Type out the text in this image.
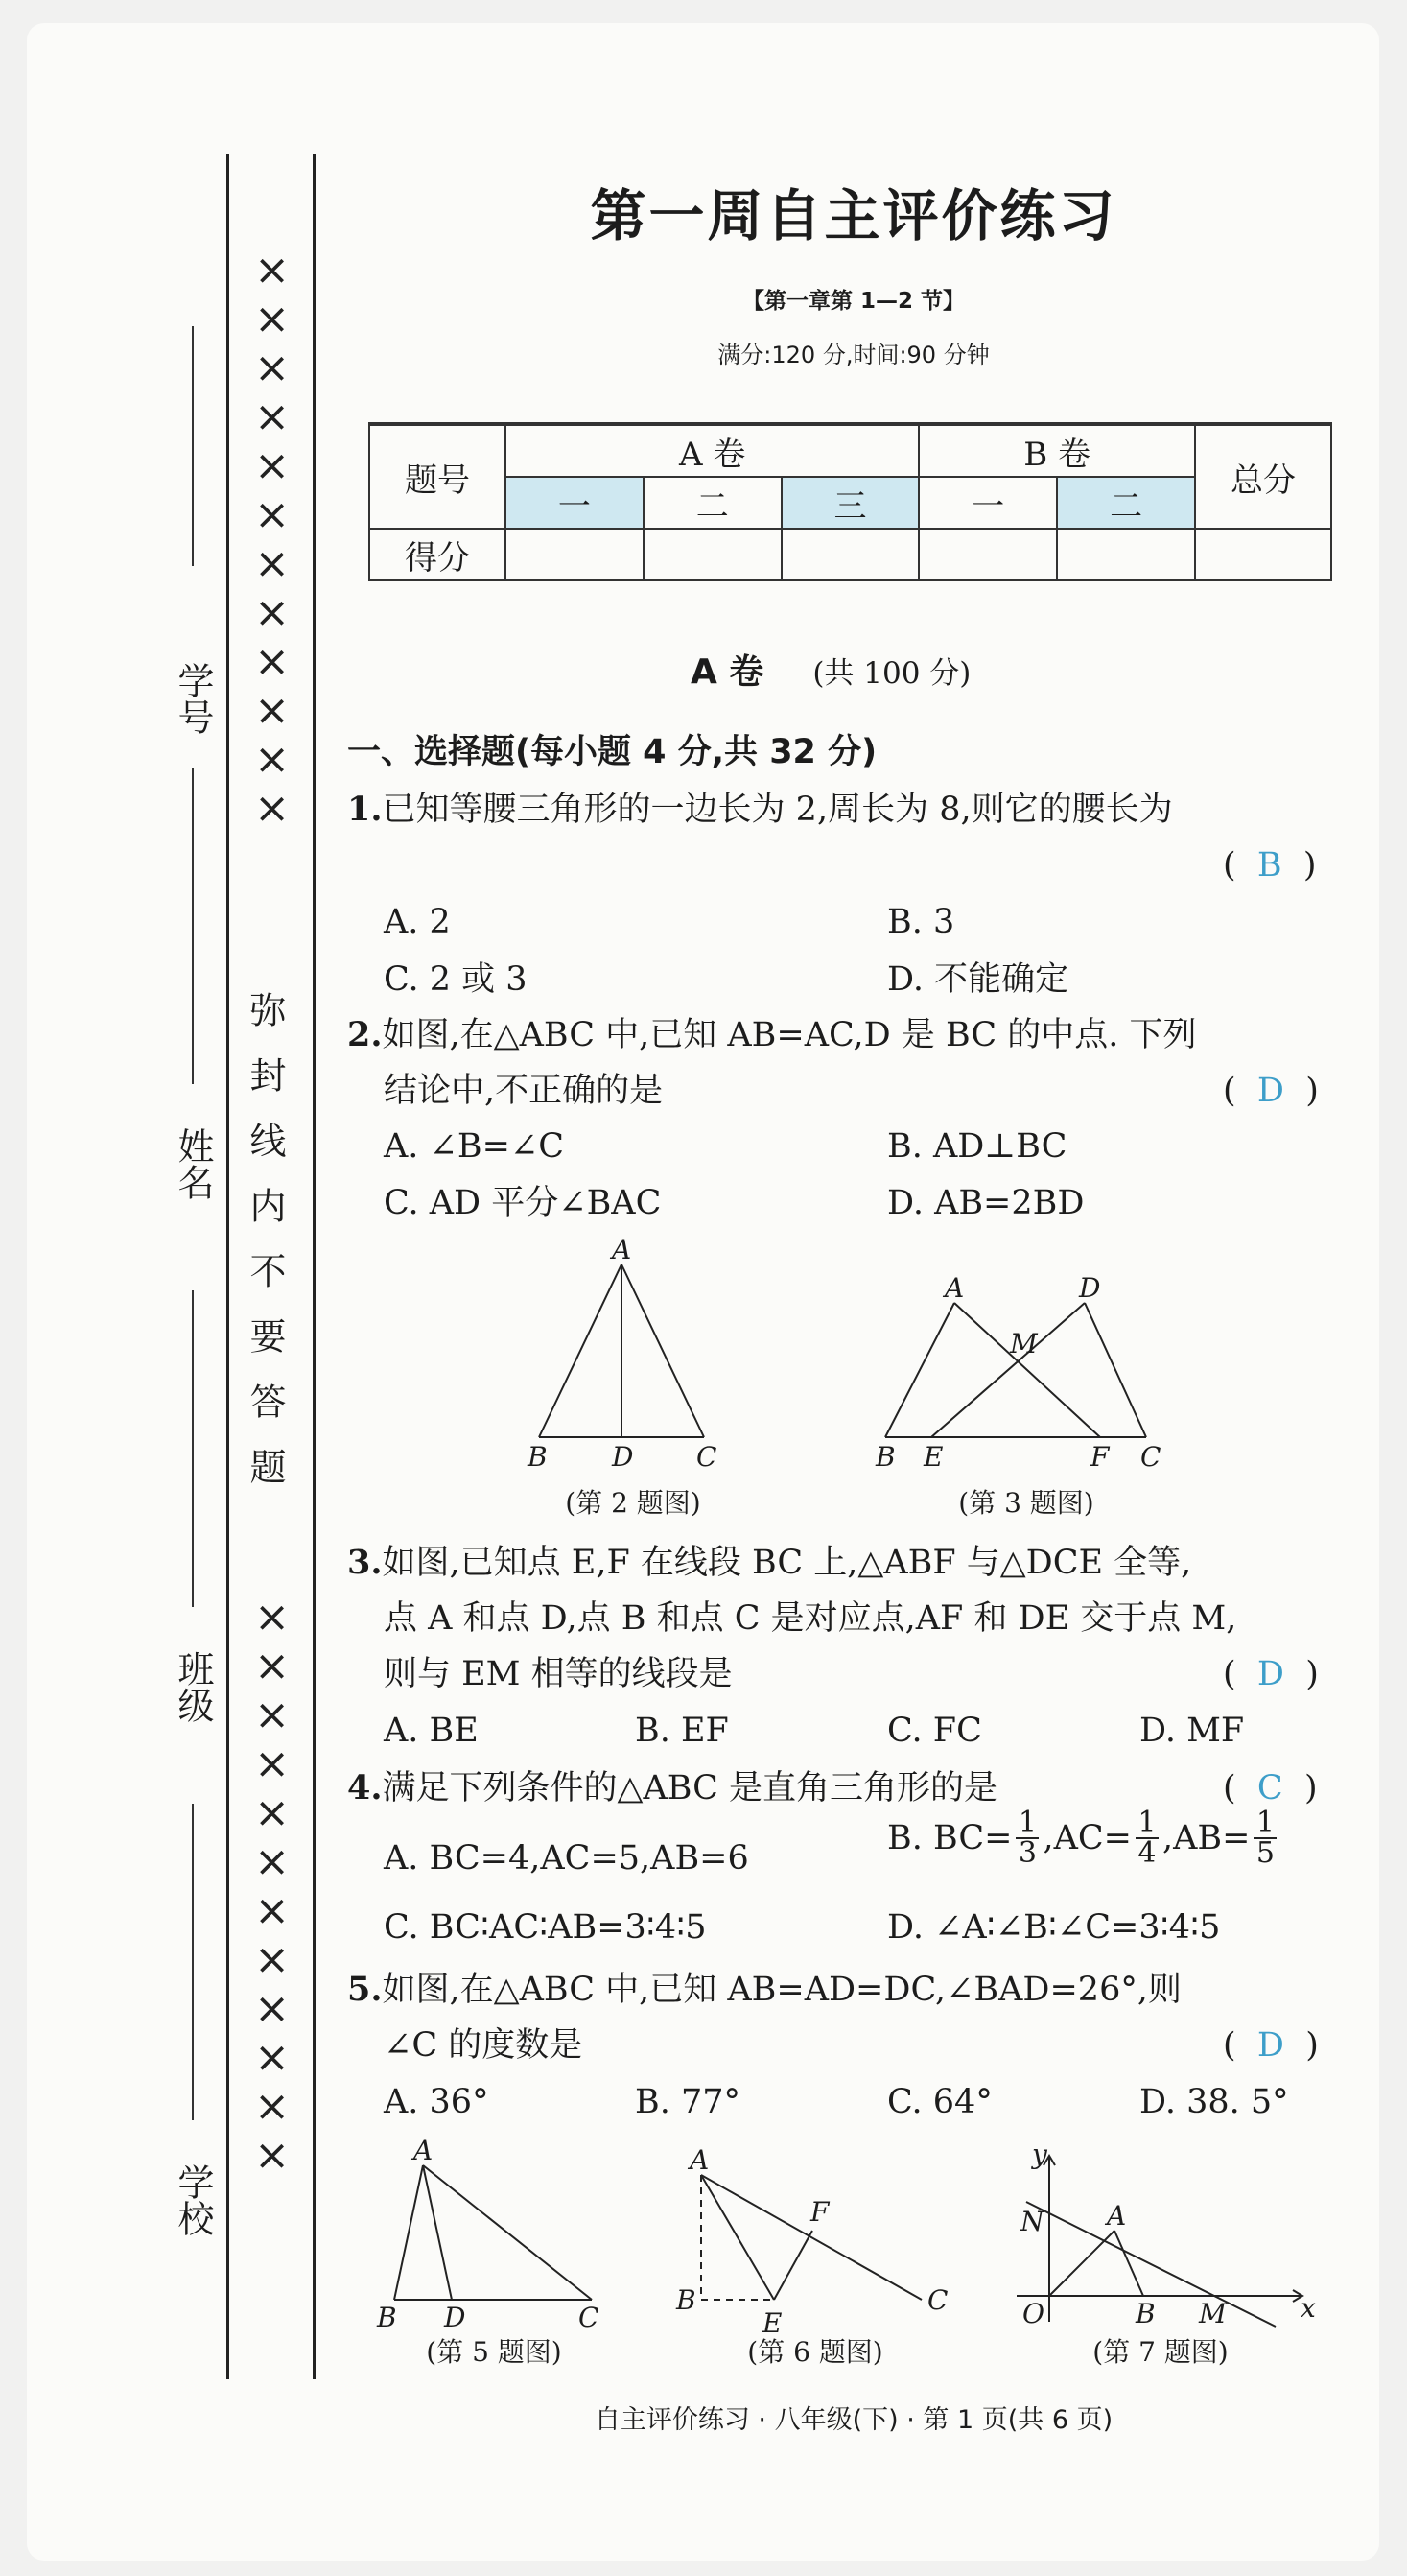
学号
姓名
班级
学校
××××××××××××
弥封线内不要答题
××××××××××××
第一周自主评价练习
【第一章第 1—2 节】
满分:120 分,时间:90 分钟
题号	A 卷			B 卷		总分
	一	二	三	一	二	
得分						
A 卷 (共 100 分)
一、选择题(每小题 4 分,共 32 分)
1.已知等腰三角形的一边长为 2,周长为 8,则它的腰长为
(  B  )
A. 2	B. 3
C. 2 或 3	D. 不能确定
2.如图,在△ABC 中,已知 AB=AC,D 是 BC 的中点. 下列
结论中,不正确的是	(  D  )
A. ∠B=∠C	B. AD⊥BC
C. AD 平分∠BAC	D. AB=2BD
A
B D C
(第 2 题图)
A	D
M
B E	F C
(第 3 题图)
3.如图,已知点 E,F 在线段 BC 上,△ABF 与△DCE 全等,
点 A 和点 D,点 B 和点 C 是对应点,AF 和 DE 交于点 M,
则与 EM 相等的线段是	(  D  )
A. BE	B. EF	C. FC	D. MF
4.满足下列条件的△ABC 是直角三角形的是	(  C  )
A. BC=4,AC=5,AB=6
B. BC= 1
3 ,AC= 1
4 ,AB= 1
5
C. BC∶AC∶AB=3∶4∶5	D. ∠A∶∠B∶∠C=3∶4∶5
5.如图,在△ABC 中,已知 AB=AD=DC,∠BAD=26°,则
∠C 的度数是	(  D  )
A. 36°	B. 77°	C. 64°	D. 38. 5°
A
B D	C
(第 5 题图)
A
F
B
E
C
(第 6 题图)
y
N A
O	B M	x
(第 7 题图)
自主评价练习 · 八年级(下) · 第 1 页(共 6 页)
